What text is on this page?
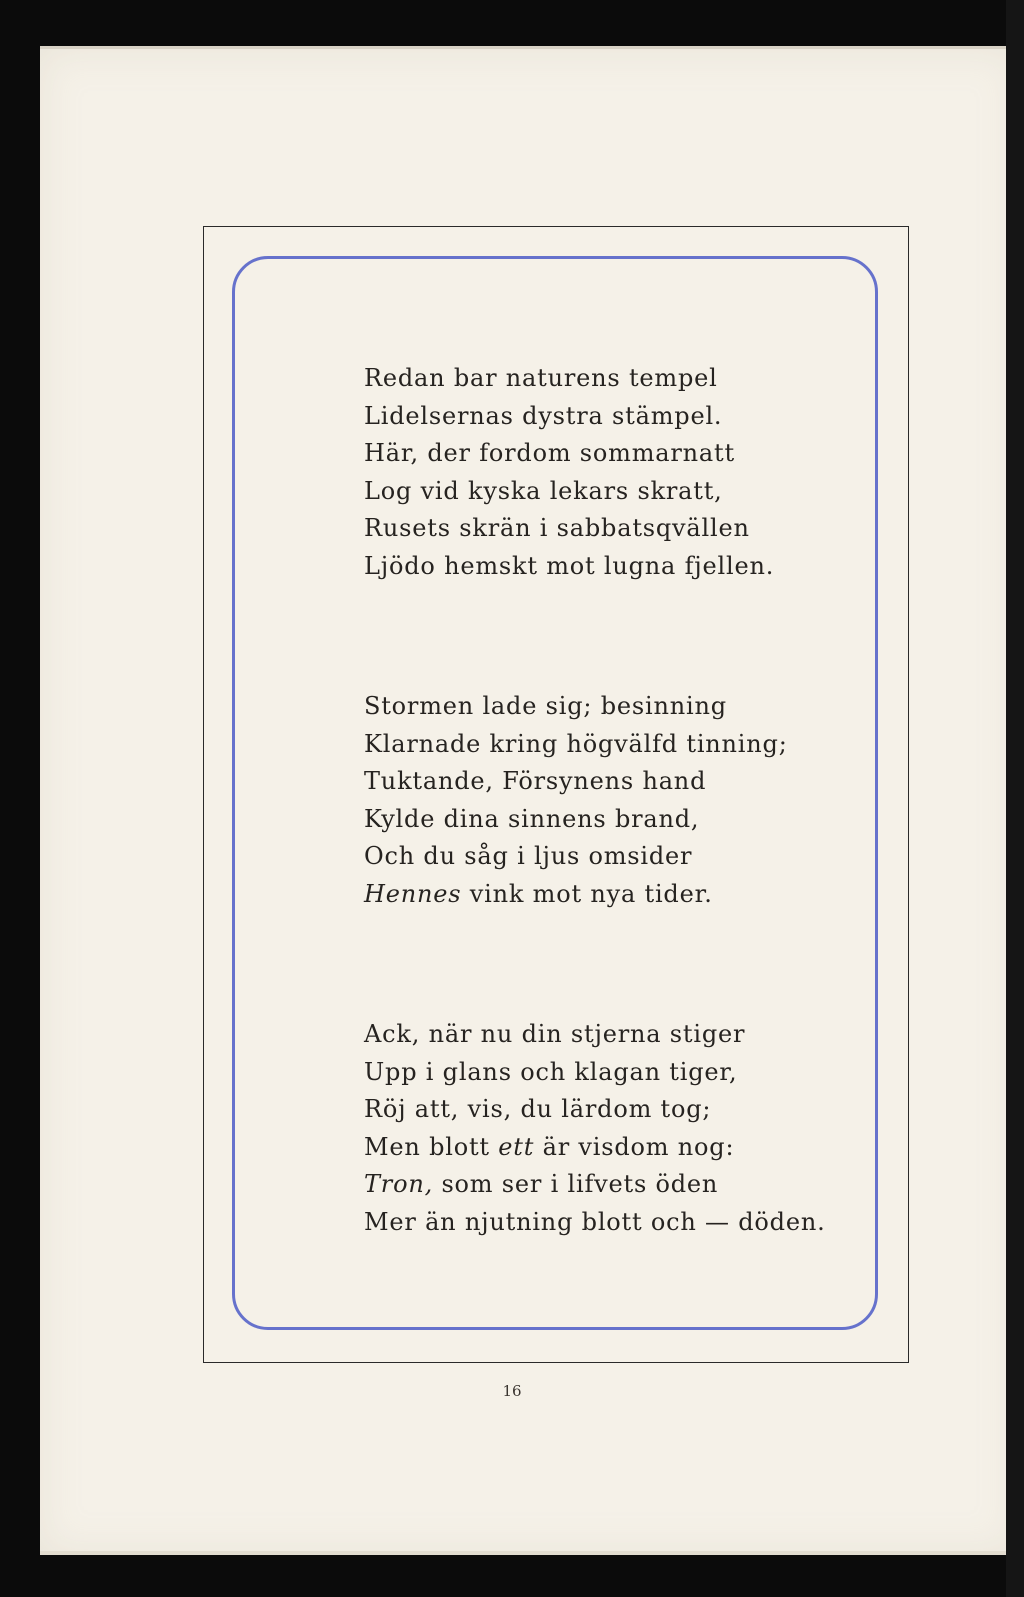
Redan bar naturens tempel
Lidelsernas dystra stämpel.
Här, der fordom sommarnatt
Log vid kyska lekars skratt,
Rusets skrän i sabbatsqvällen
Ljödo hemskt mot lugna fjellen.
Stormen lade sig; besinning
Klarnade kring högvälfd tinning;
Tuktande, Försynens hand
Kylde dina sinnens brand,
Och du såg i ljus omsider
Hennes vink mot nya tider.
Ack, när nu din stjerna stiger
Upp i glans och klagan tiger,
Röj att, vis, du lärdom tog;
Men blott ett är visdom nog:
Tron, som ser i lifvets öden
Mer än njutning blott och — döden.
16
